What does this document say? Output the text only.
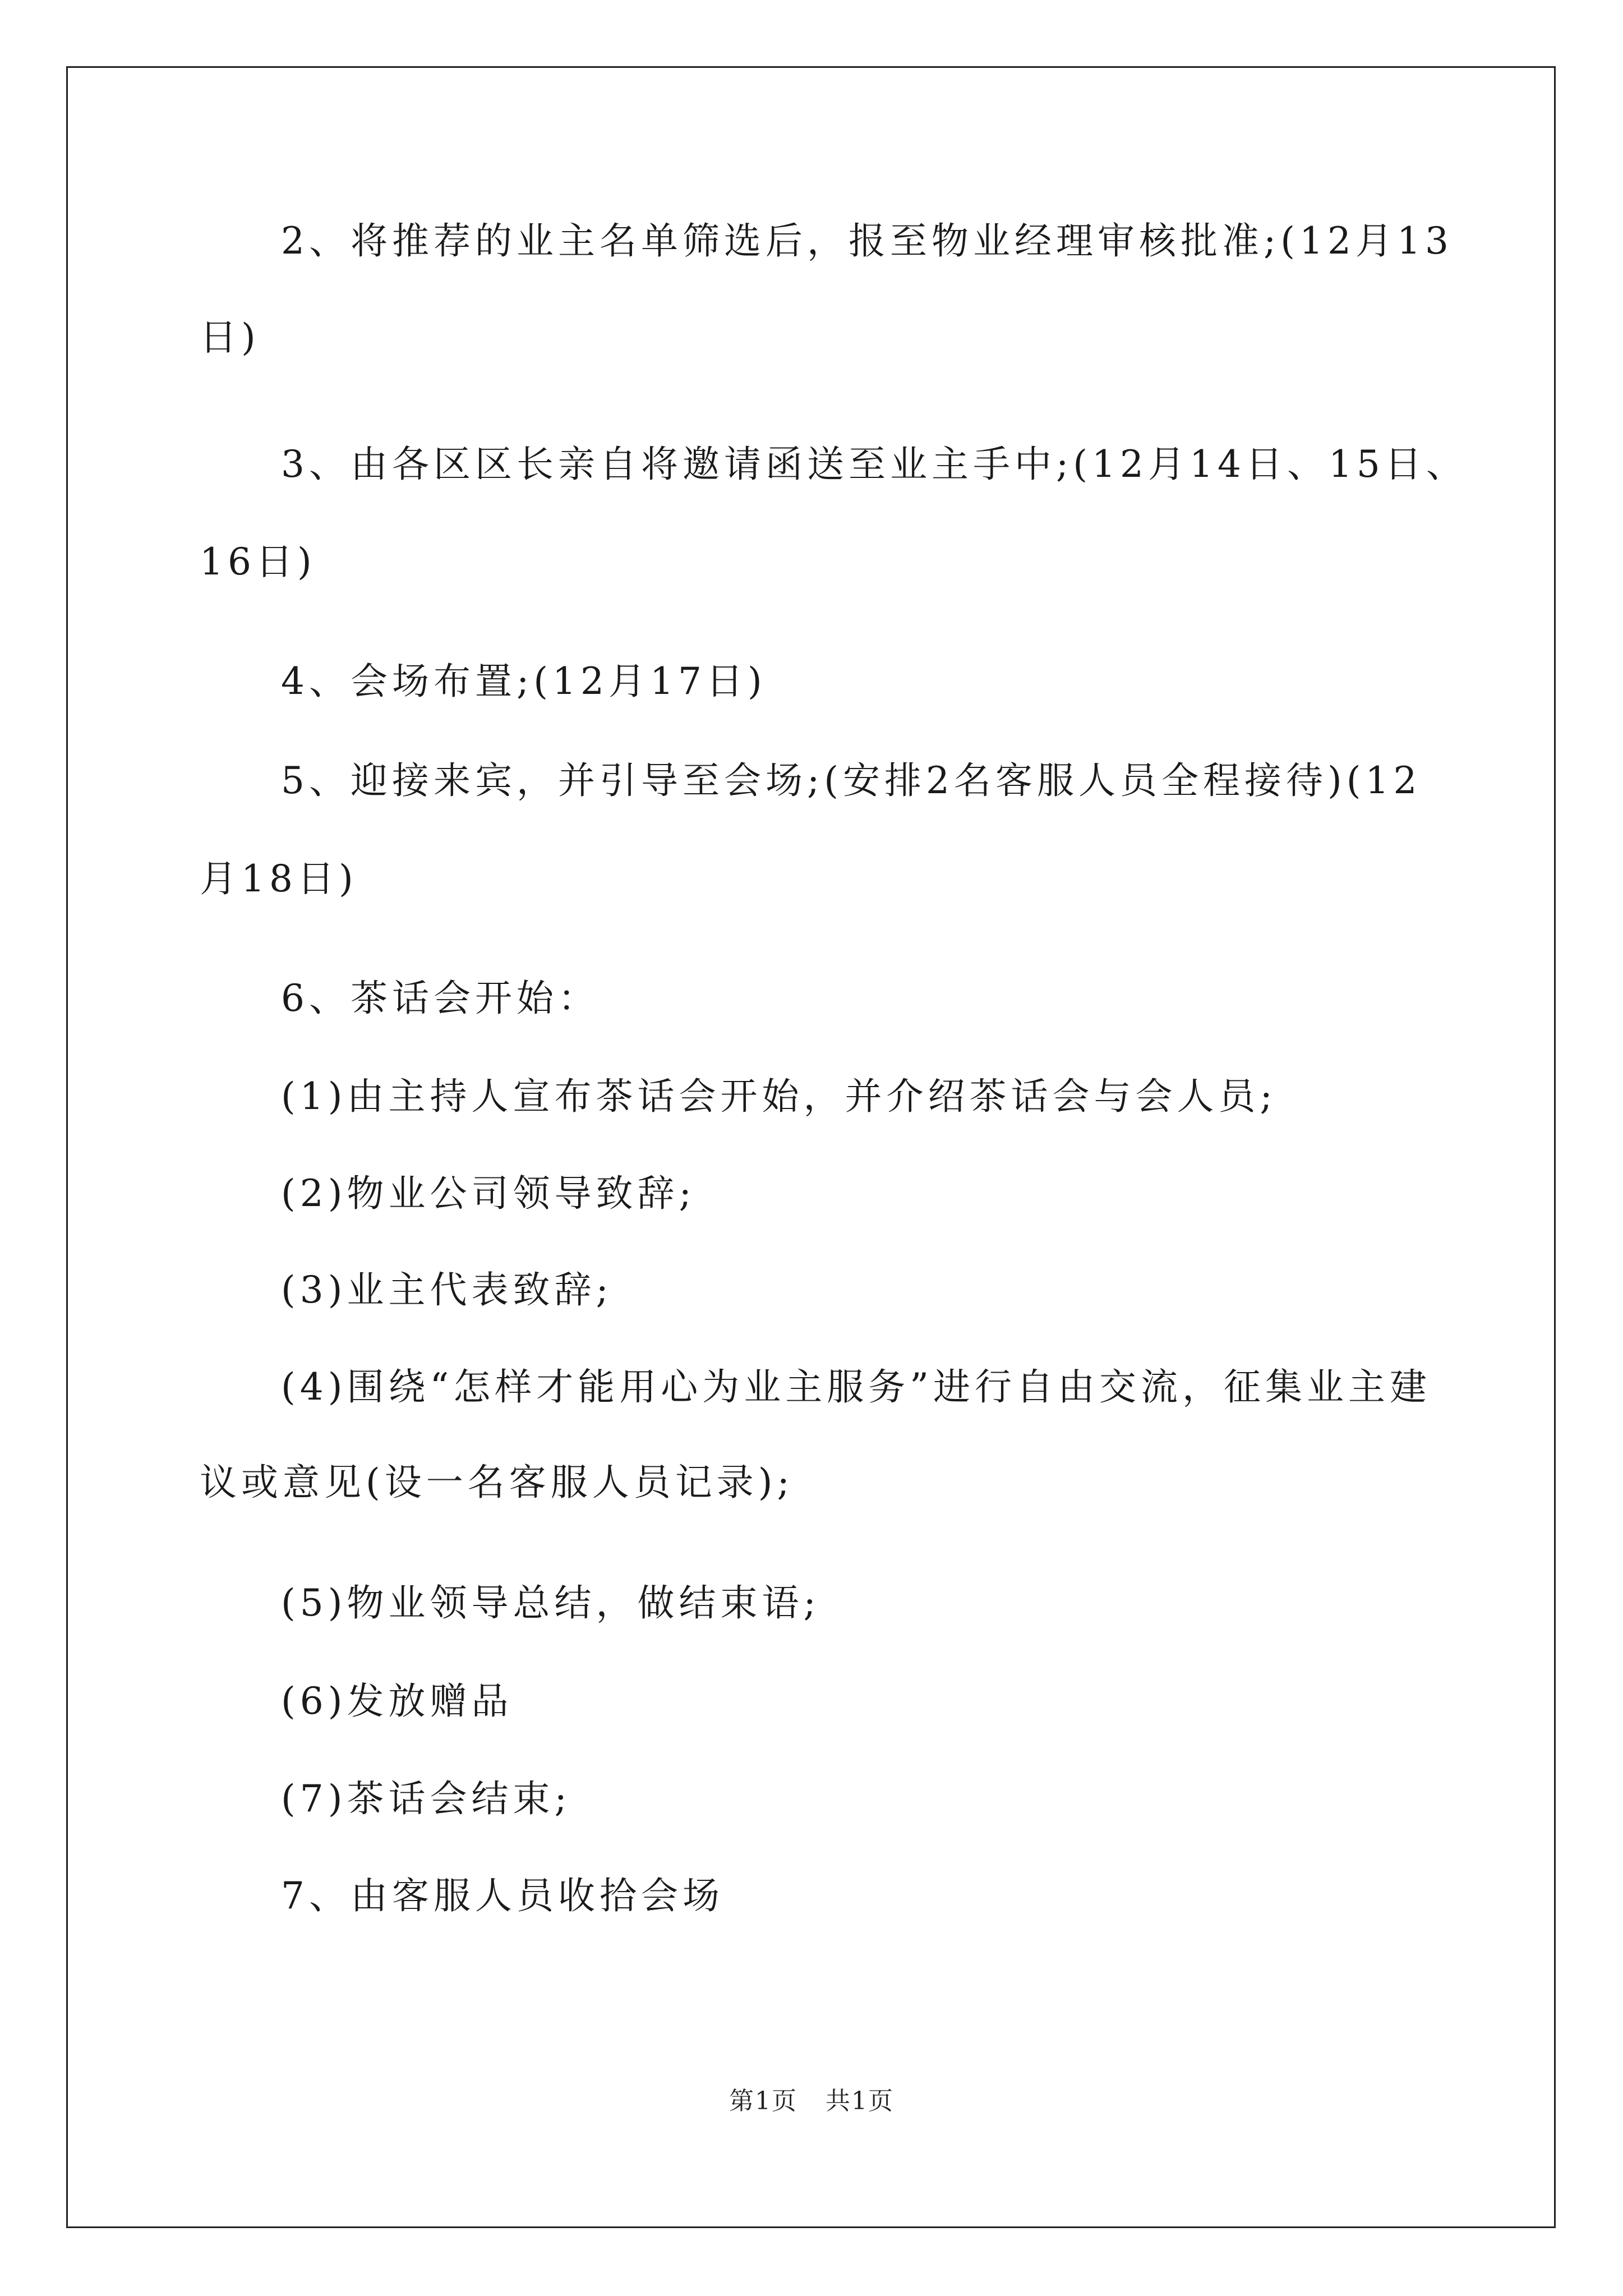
2、将推荐的业主名单筛选后，报至物业经理审核批准;(12月13
日)
3、由各区区长亲自将邀请函送至业主手中;(12月14日、15日、
16日)
4、会场布置;(12月17日)
5、迎接来宾，并引导至会场;(安排2名客服人员全程接待)(12
月18日)
6、茶话会开始：
(1)由主持人宣布茶话会开始，并介绍茶话会与会人员;
(2)物业公司领导致辞;
(3)业主代表致辞;
(4)围绕“怎样才能用心为业主服务”进行自由交流，征集业主建
议或意见(设一名客服人员记录);
(5)物业领导总结，做结束语;
(6)发放赠品
(7)茶话会结束;
7、由客服人员收拾会场
第1页 共1页
